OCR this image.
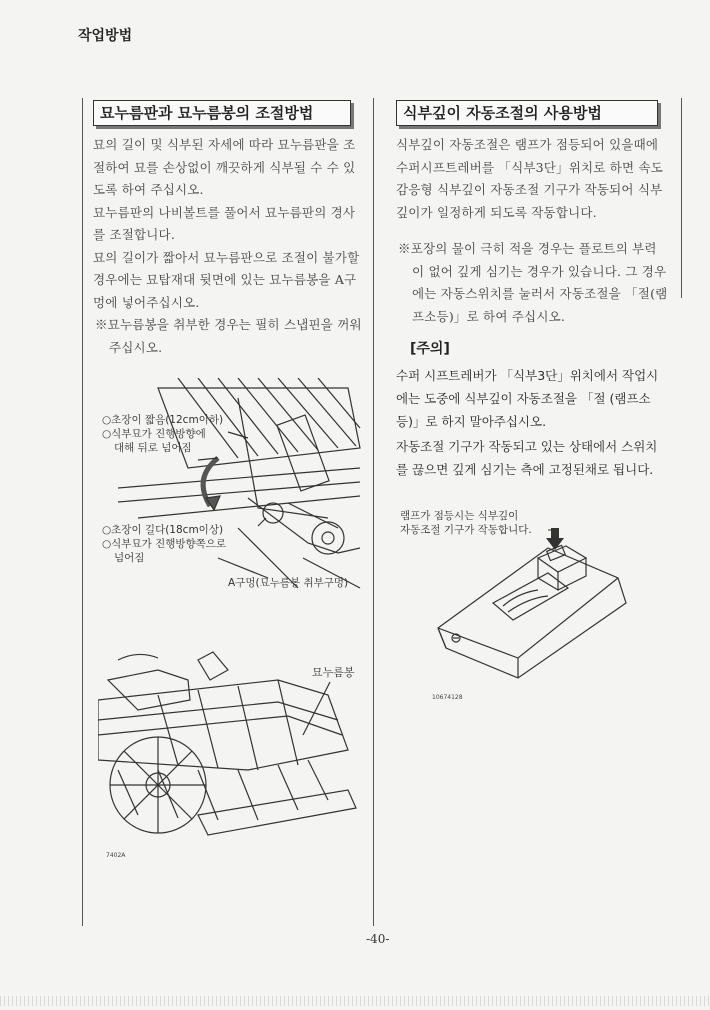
작업방법
묘누름판과 묘누름봉의 조절방법

묘의 길이 및 식부된 자세에 따라 묘누름판을 조절하여 묘를 손상없이 깨끗하게 식부될 수 수 있도록 하여 주십시오.

묘누름판의 나비볼트를 풀어서 묘누름판의 경사를 조절합니다.

묘의 길이가 짧아서 묘누름판으로 조절이 불가할 경우에는 묘탑재대 뒷면에 있는 묘누름봉을 A구멍에 넣어주십시오.

※묘누름봉을 취부한 경우는 필히 스냅핀을 꺼워주십시오.

○초장이 짧음(12cm이하)
○식부묘가 진행방향에
대해 뒤로 넘어짐
○초장이 길다(18cm이상)
○식부묘가 진행방향쪽으로
넘어짐
A구멍(묘누름봉 취부구멍)
묘누름봉
7402A
식부깊이 자동조절의 사용방법

식부깊이 자동조절은 램프가 점등되어 있을때에 수퍼시프트레버를 「식부3단」위치로 하면 속도감응형 식부깊이 자동조절 기구가 작동되어 식부깊이가 일정하게 되도록 작동합니다.

※포장의 물이 극히 적을 경우는 플로트의 부력이 없어 깊게 심기는 경우가 있습니다. 그 경우에는 자동스위치를 눌러서 자동조절을 「절(램프소등)」로 하여 주십시오.

[주의]

수퍼 시프트레버가 「식부3단」위치에서 작업시에는 도중에 식부깊이 자동조절을 「절 (램프소등)」로 하지 말아주십시오.

자동조절 기구가 작동되고 있는 상태에서 스위치를 끊으면 깊게 심기는 측에 고정된채로 됩니다.

램프가 점등시는 식부깊이
자동조절 기구가 작동합니다.
10674128
-40-
